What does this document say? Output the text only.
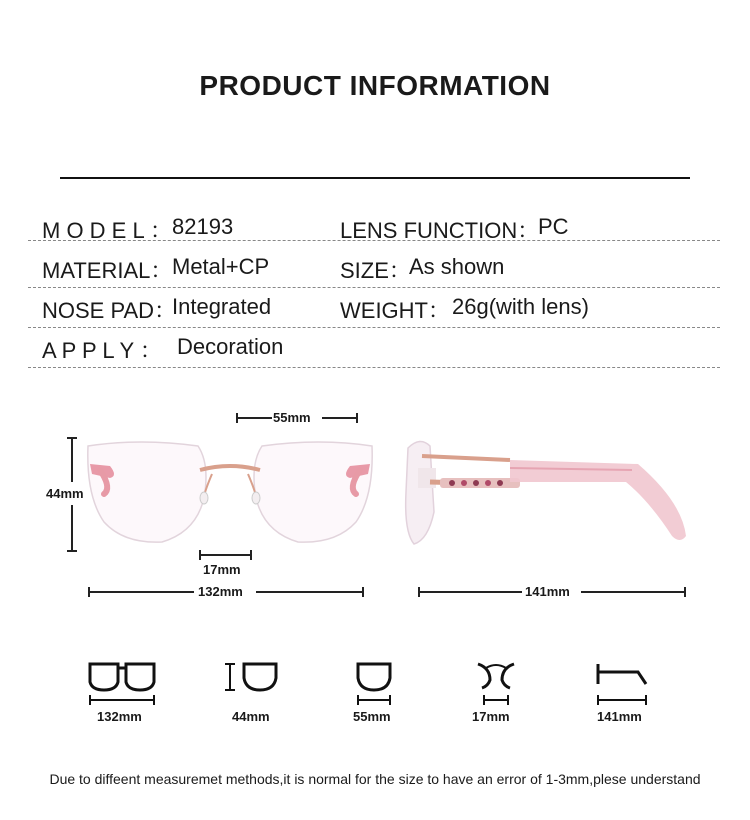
PRODUCT INFORMATION
M O D E L ： 82193	LENS FUNCTION：
PC
MATERIAL： Metal+CP	SIZE：
As shown
NOSE PAD：
Integrated	WEIGHT： 26g(with lens)
A P P L Y ： Decoration
55mm
44mm
17mm
132mm	141mm
132mm	44mm	55mm	17mm	141mm
Due to diffeent measuremet methods,it is normal for the size to have an error of 1-3mm,plese understand
